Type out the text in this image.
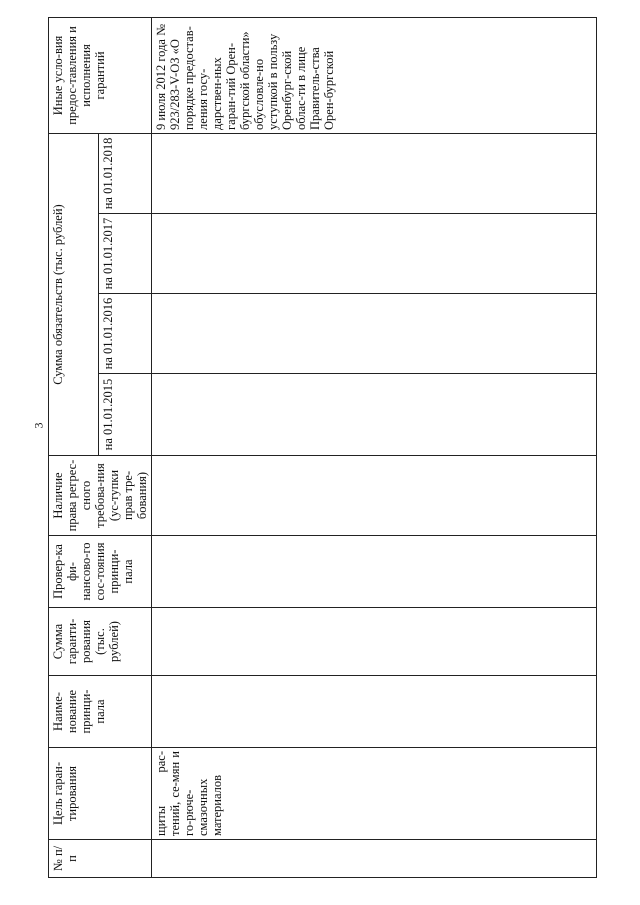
3
№ п/п	Цель гаран-тирования	Наиме-нование принци-пала	Сумма гаранти-рования (тыс. рублей)	Провер-ка фи-нансово-го сос-тояния принци-пала	Наличие права регрес-сного требова-ния (ус-тупки прав тре-бования)	Сумма обязательств (тыс. рублей)				Иные усло-вия предос-тавления и исполнения гарантий
						на 01.01.2015	на 01.01.2016	на 01.01.2017	на 01.01.2018	
	щиты рас-тений, се-мян и го-рюче-смазочных материалов									9 июля 2012 года № 923/283-V-ОЗ «О порядке предостав-ления госу-дарствен-ных гаран-тий Орен-бургской области» обусловле-но уступкой в пользу Оренбург-ской облас-ти в лице Правитель-ства Орен-бургской
